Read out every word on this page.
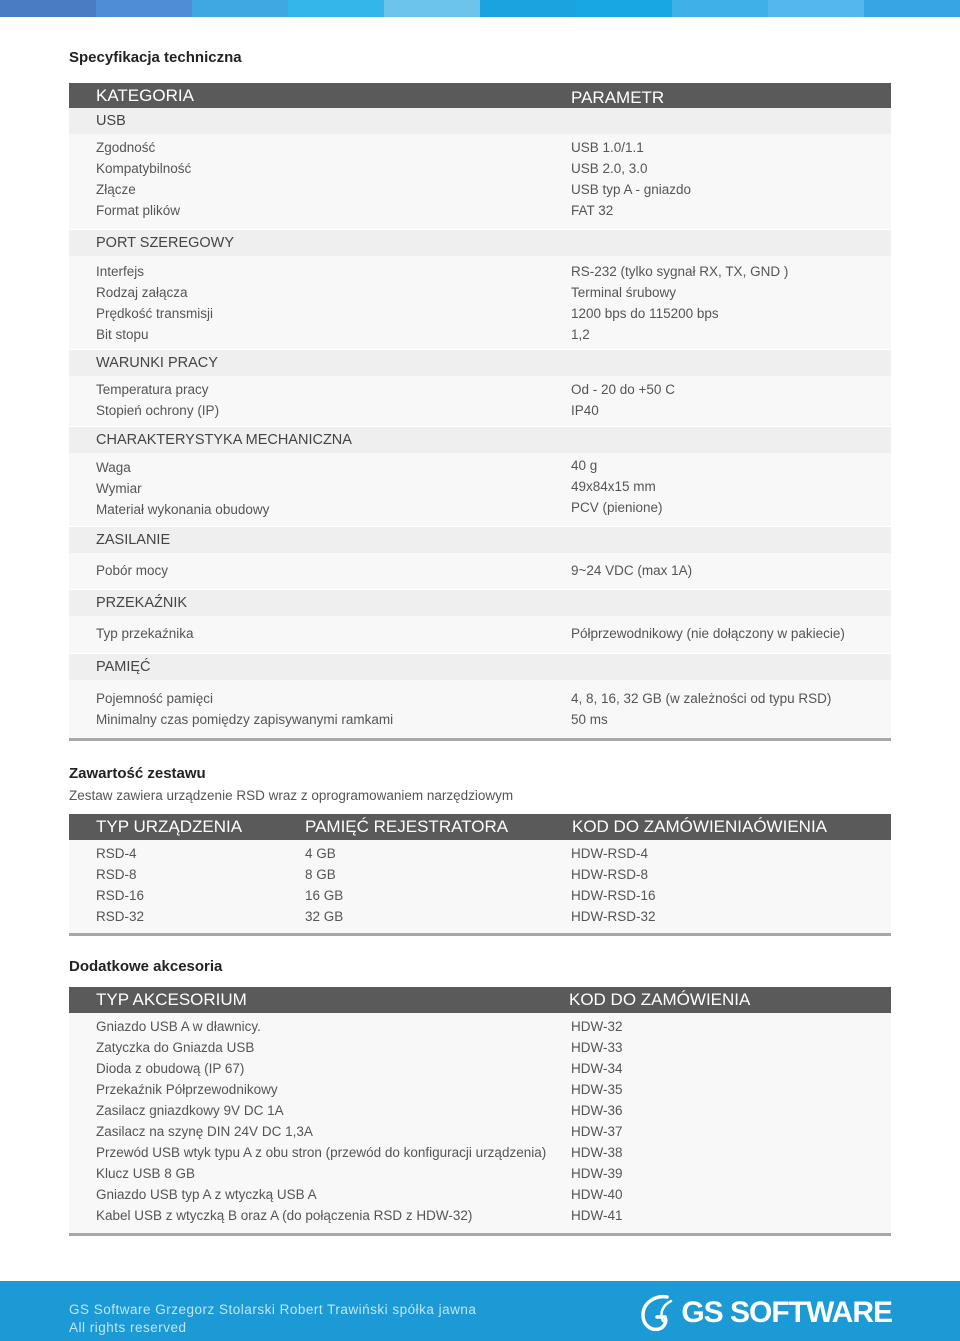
Specyfikacja techniczna
KATEGORIA	PARAMETR
USB
Zgodność	USB 1.0/1.1
Kompatybilność	USB 2.0, 3.0
Złącze	USB typ A - gniazdo
Format plików	FAT 32
PORT SZEREGOWY
Interfejs	RS-232 (tylko sygnał RX, TX, GND )
Rodzaj załącza	Terminal śrubowy
Prędkość transmisji	1200 bps do 115200 bps
Bit stopu	1,2
WARUNKI PRACY
Temperatura pracy	Od - 20 do +50 C
Stopień ochrony (IP)	IP40
CHARAKTERYSTYKA MECHANICZNA
Waga	40 g
Wymiar	49x84x15 mm
Materiał wykonania obudowy	PCV (pienione)
ZASILANIE
Pobór mocy	9~24 VDC (max 1A)
PRZEKAŹNIK
Typ przekaźnika	Półprzewodnikowy (nie dołączony w pakiecie)
PAMIĘĆ
Pojemność pamięci	4, 8, 16, 32 GB (w zależności od typu RSD)
Minimalny czas pomiędzy zapisywanymi ramkami	50 ms
Zawartość zestawu
Zestaw zawiera urządzenie RSD wraz z oprogramowaniem narzędziowym
TYP URZĄDZENIA	PAMIĘĆ REJESTRATORA	KOD DO ZAMÓWIENIAÓWIENIA
RSD-4	4 GB	HDW-RSD-4
RSD-8	8 GB	HDW-RSD-8
RSD-16	16 GB	HDW-RSD-16
RSD-32	32 GB	HDW-RSD-32
Dodatkowe akcesoria
TYP AKCESORIUM	KOD DO ZAMÓWIENIA
Gniazdo USB A w dławnicy.	HDW-32
Zatyczka do Gniazda USB	HDW-33
Dioda z obudową (IP 67)	HDW-34
Przekaźnik Półprzewodnikowy	HDW-35
Zasilacz gniazdkowy 9V DC 1A	HDW-36
Zasilacz na szynę DIN 24V DC 1,3A	HDW-37
Przewód USB wtyk typu A z obu stron (przewód do konfiguracji urządzenia) HDW-38
Klucz USB 8 GB	HDW-39
Gniazdo USB typ A z wtyczką USB A	HDW-40
Kabel USB z wtyczką B oraz A (do połączenia RSD z HDW-32)	HDW-41
GS Software Grzegorz Stolarski Robert Trawiński spółka jawna
All rights reserved	GS SOFTWARE
